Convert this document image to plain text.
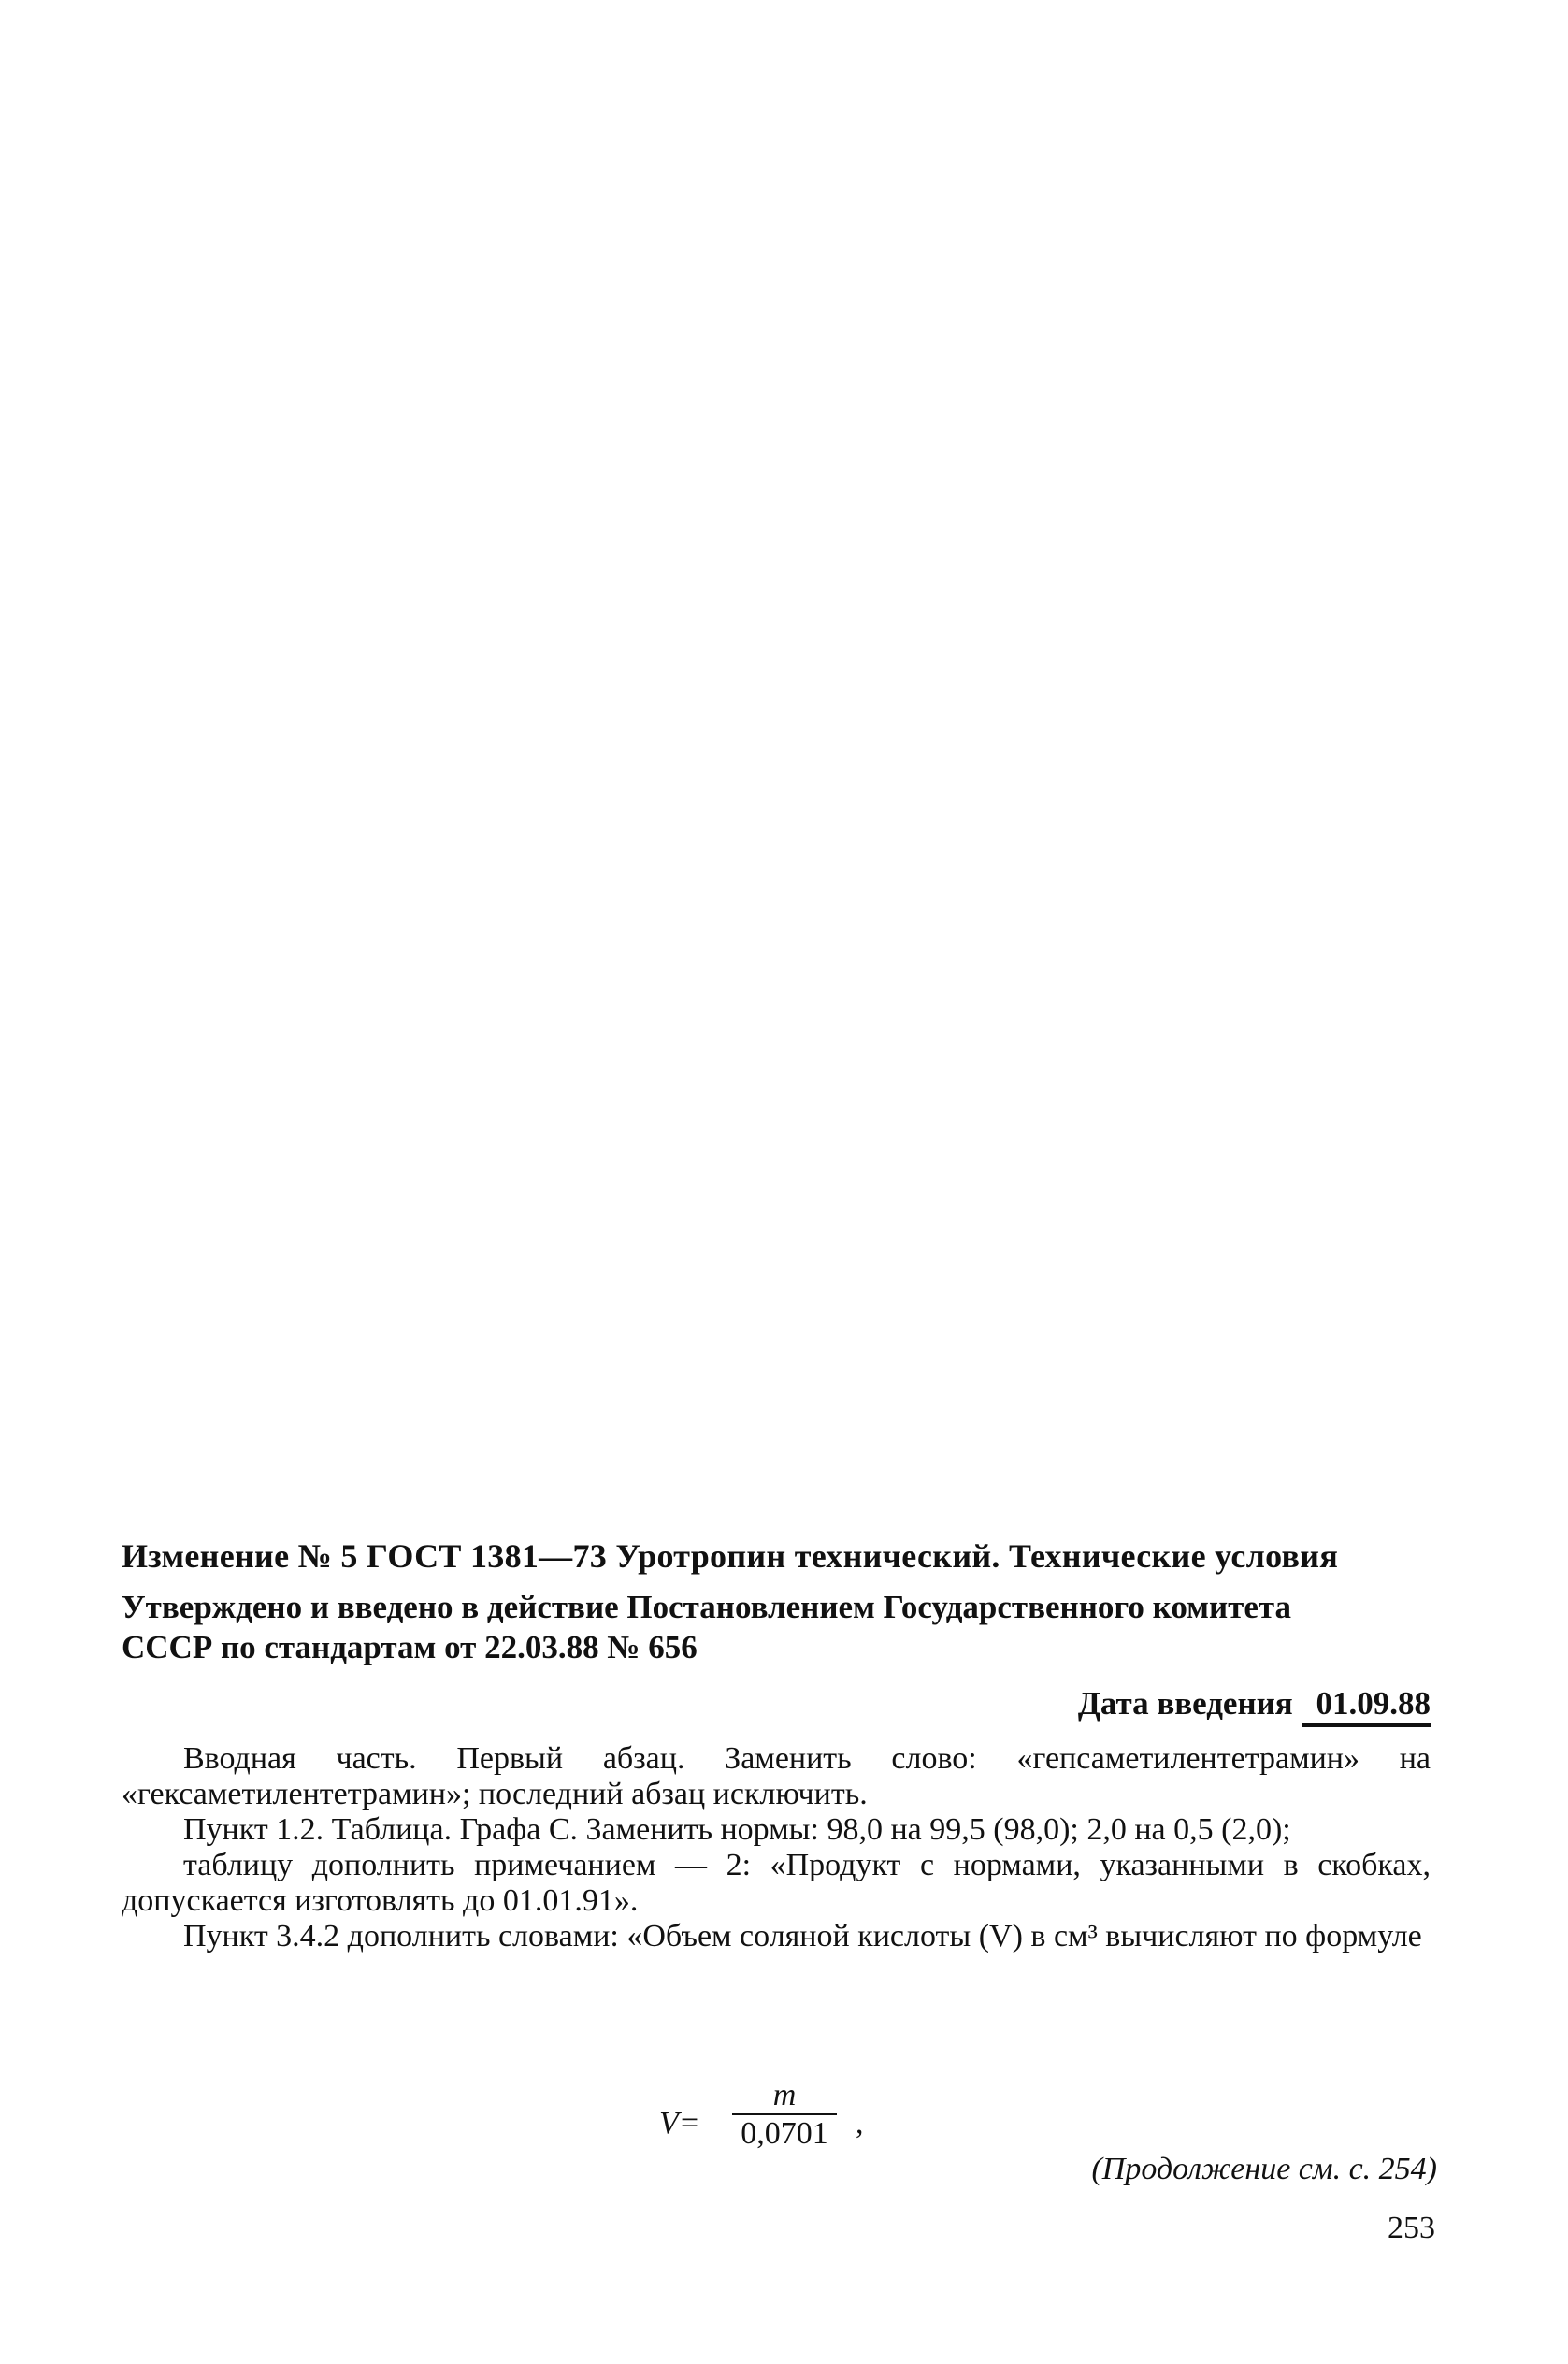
Изменение № 5 ГОСТ 1381—73 Уротропин технический. Технические условия
Утверждено и введено в действие Постановлением Государственного комитета
СССР по стандартам от 22.03.88 № 656
Дата введения 01.09.88

Вводная часть. Первый абзац. Заменить слово: «гепсаметилентетрамин» на «гексаметилентетрамин»; последний абзац исключить.

Пункт 1.2. Таблица. Графа С. Заменить нормы: 98,0 на 99,5 (98,0); 2,0 на 0,5 (2,0);

таблицу дополнить примечанием — 2: «Продукт с нормами, указанными в скобках, допускается изготовлять до 01.01.91».

Пункт 3.4.2 дополнить словами: «Объем соляной кислоты (V) в см³ вычисляют по формуле

V=
m
0,0701 ,
(Продолжение см. с. 254)
253
